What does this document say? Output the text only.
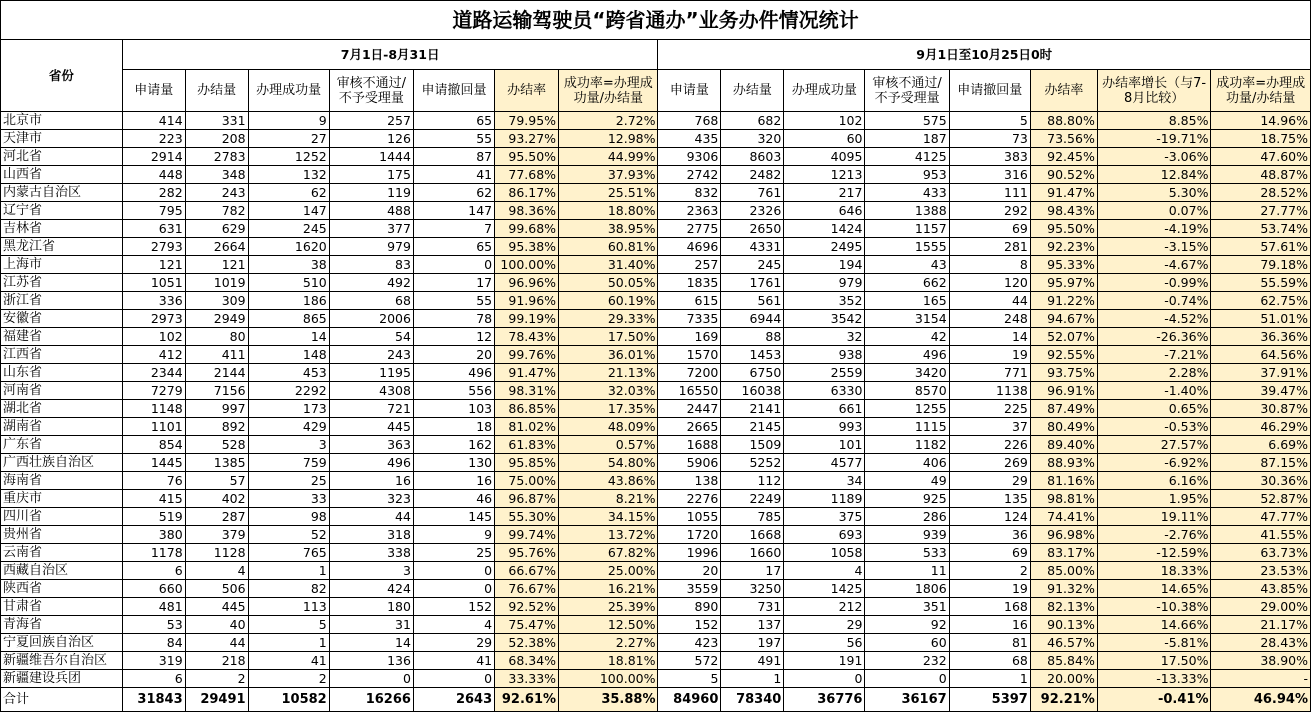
道路运输驾驶员“跨省通办”业务办件情况统计
省份	7月1日-8月31日							9月1日至10月25日0时							
	申请量	办结量	办理成功量	审核不通过/不予受理量	申请撤回量	办结率	成功率=办理成功量/办结量	申请量	办结量	办理成功量	审核不通过/不予受理量	申请撤回量	办结率	办结率增长（与7-8月比较）	成功率=办理成功量/办结量
北京市	414	331	9	257	65	79.95%	2.72%	768	682	102	575	5	88.80%	8.85%	14.96%
天津市	223	208	27	126	55	93.27%	12.98%	435	320	60	187	73	73.56%	-19.71%	18.75%
河北省	2914	2783	1252	1444	87	95.50%	44.99%	9306	8603	4095	4125	383	92.45%	-3.06%	47.60%
山西省	448	348	132	175	41	77.68%	37.93%	2742	2482	1213	953	316	90.52%	12.84%	48.87%
内蒙古自治区	282	243	62	119	62	86.17%	25.51%	832	761	217	433	111	91.47%	5.30%	28.52%
辽宁省	795	782	147	488	147	98.36%	18.80%	2363	2326	646	1388	292	98.43%	0.07%	27.77%
吉林省	631	629	245	377	7	99.68%	38.95%	2775	2650	1424	1157	69	95.50%	-4.19%	53.74%
黑龙江省	2793	2664	1620	979	65	95.38%	60.81%	4696	4331	2495	1555	281	92.23%	-3.15%	57.61%
上海市	121	121	38	83	0	100.00%	31.40%	257	245	194	43	8	95.33%	-4.67%	79.18%
江苏省	1051	1019	510	492	17	96.96%	50.05%	1835	1761	979	662	120	95.97%	-0.99%	55.59%
浙江省	336	309	186	68	55	91.96%	60.19%	615	561	352	165	44	91.22%	-0.74%	62.75%
安徽省	2973	2949	865	2006	78	99.19%	29.33%	7335	6944	3542	3154	248	94.67%	-4.52%	51.01%
福建省	102	80	14	54	12	78.43%	17.50%	169	88	32	42	14	52.07%	-26.36%	36.36%
江西省	412	411	148	243	20	99.76%	36.01%	1570	1453	938	496	19	92.55%	-7.21%	64.56%
山东省	2344	2144	453	1195	496	91.47%	21.13%	7200	6750	2559	3420	771	93.75%	2.28%	37.91%
河南省	7279	7156	2292	4308	556	98.31%	32.03%	16550	16038	6330	8570	1138	96.91%	-1.40%	39.47%
湖北省	1148	997	173	721	103	86.85%	17.35%	2447	2141	661	1255	225	87.49%	0.65%	30.87%
湖南省	1101	892	429	445	18	81.02%	48.09%	2665	2145	993	1115	37	80.49%	-0.53%	46.29%
广东省	854	528	3	363	162	61.83%	0.57%	1688	1509	101	1182	226	89.40%	27.57%	6.69%
广西壮族自治区	1445	1385	759	496	130	95.85%	54.80%	5906	5252	4577	406	269	88.93%	-6.92%	87.15%
海南省	76	57	25	16	16	75.00%	43.86%	138	112	34	49	29	81.16%	6.16%	30.36%
重庆市	415	402	33	323	46	96.87%	8.21%	2276	2249	1189	925	135	98.81%	1.95%	52.87%
四川省	519	287	98	44	145	55.30%	34.15%	1055	785	375	286	124	74.41%	19.11%	47.77%
贵州省	380	379	52	318	9	99.74%	13.72%	1720	1668	693	939	36	96.98%	-2.76%	41.55%
云南省	1178	1128	765	338	25	95.76%	67.82%	1996	1660	1058	533	69	83.17%	-12.59%	63.73%
西藏自治区	6	4	1	3	0	66.67%	25.00%	20	17	4	11	2	85.00%	18.33%	23.53%
陕西省	660	506	82	424	0	76.67%	16.21%	3559	3250	1425	1806	19	91.32%	14.65%	43.85%
甘肃省	481	445	113	180	152	92.52%	25.39%	890	731	212	351	168	82.13%	-10.38%	29.00%
青海省	53	40	5	31	4	75.47%	12.50%	152	137	29	92	16	90.13%	14.66%	21.17%
宁夏回族自治区	84	44	1	14	29	52.38%	2.27%	423	197	56	60	81	46.57%	-5.81%	28.43%
新疆维吾尔自治区	319	218	41	136	41	68.34%	18.81%	572	491	191	232	68	85.84%	17.50%	38.90%
新疆建设兵团	6	2	2	0	0	33.33%	100.00%	5	1	0	0	1	20.00%	-13.33%	-
合计	31843	29491	10582	16266	2643	92.61%	35.88%	84960	78340	36776	36167	5397	92.21%	-0.41%	46.94%
